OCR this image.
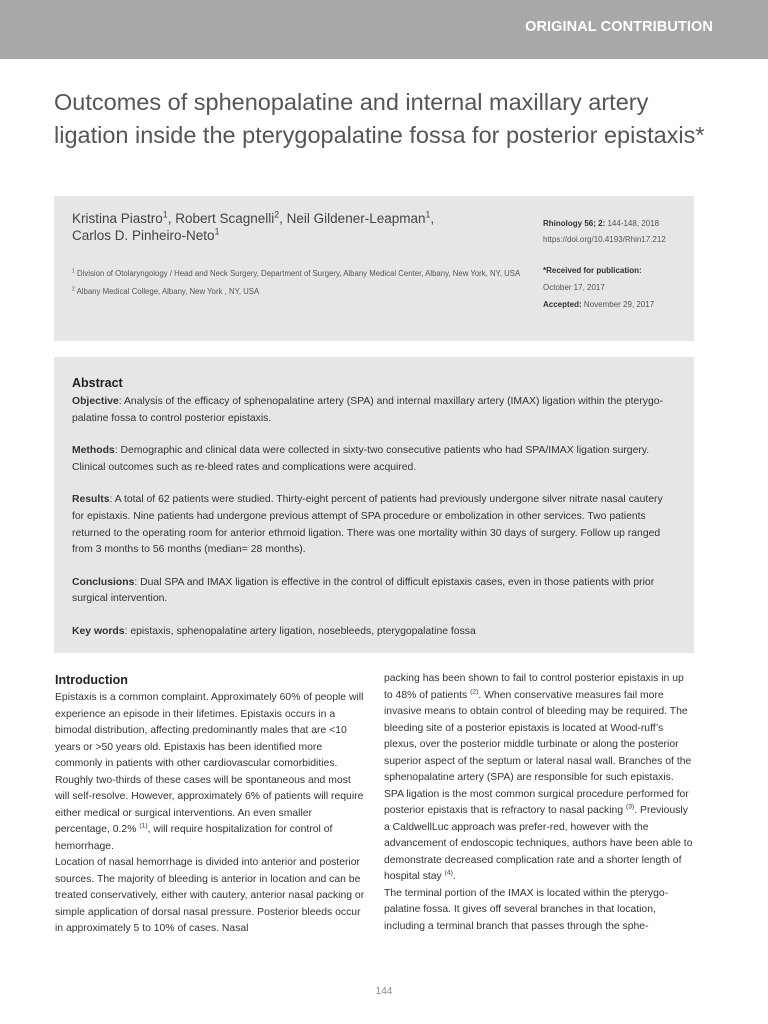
ORIGINAL CONTRIBUTION
Outcomes of sphenopalatine and internal maxillary artery ligation inside the pterygopalatine fossa for posterior epistaxis*
Kristina Piastro$^1$, Robert Scagnelli$^2$, Neil Gildener-Leapman$^1$,
Carlos D. Pinheiro-Neto$^1$
$^1$ Division of Otolaryngology / Head and Neck Surgery, Department of Surgery, Albany Medical Center, Albany, New York, NY, USA
$^2$ Albany Medical College, Albany, New York , NY, USA
Rhinology 56; 2: 144-148, 2018
https://doi.org/10.4193/Rhin17.212
*Received for publication:
October 17, 2017
Accepted: November 29, 2017
Abstract

Objective: Analysis of the efficacy of sphenopalatine artery (SPA) and internal maxillary artery (IMAX) ligation within the pterygo-palatine fossa to control posterior epistaxis.

Methods: Demographic and clinical data were collected in sixty-two consecutive patients who had SPA/IMAX ligation surgery. Clinical outcomes such as re-bleed rates and complications were acquired.

Results: A total of 62 patients were studied. Thirty-eight percent of patients had previously undergone silver nitrate nasal cautery for epistaxis. Nine patients had undergone previous attempt of SPA procedure or embolization in other services. Two patients returned to the operating room for anterior ethmoid ligation. There was one mortality within 30 days of surgery. Follow up ranged from 3 months to 56 months (median= 28 months).

Conclusions: Dual SPA and IMAX ligation is effective in the control of difficult epistaxis cases, even in those patients with prior surgical intervention.

Key words: epistaxis, sphenopalatine artery ligation, nosebleeds, pterygopalatine fossa

Introduction

Epistaxis is a common complaint. Approximately 60% of people will experience an episode in their lifetimes. Epistaxis occurs in a bimodal distribution, affecting predominantly males that are <10 years or >50 years old. Epistaxis has been identified more commonly in patients with other cardiovascular comorbidities. Roughly two-thirds of these cases will be spontaneous and most will self-resolve. However, approximately 6% of patients will require either medical or surgical interventions. An even smaller percentage, 0.2% $^{(1)}$, will require hospitalization for control of hemorrhage.

Location of nasal hemorrhage is divided into anterior and posterior sources. The majority of bleeding is anterior in location and can be treated conservatively, either with cautery, anterior nasal packing or simple application of dorsal nasal pressure. Posterior bleeds occur in approximately 5 to 10% of cases. Nasal

packing has been shown to fail to control posterior epistaxis in up to 48% of patients $^{(2)}$. When conservative measures fail more invasive means to obtain control of bleeding may be required. The bleeding site of a posterior epistaxis is located at Wood-ruff’s plexus, over the posterior middle turbinate or along the posterior superior aspect of the septum or lateral nasal wall. Branches of the sphenopalatine artery (SPA) are responsible for such epistaxis. SPA ligation is the most common surgical procedure performed for posterior epistaxis that is refractory to nasal packing $^{(3)}$. Previously a CaldwellLuc approach was prefer-red, however with the advancement of endoscopic techniques, authors have been able to demonstrate decreased complication rate and a shorter length of hospital stay $^{(4)}$.

The terminal portion of the IMAX is located within the pterygo-palatine fossa. It gives off several branches in that location, including a terminal branch that passes through the sphe-

144
